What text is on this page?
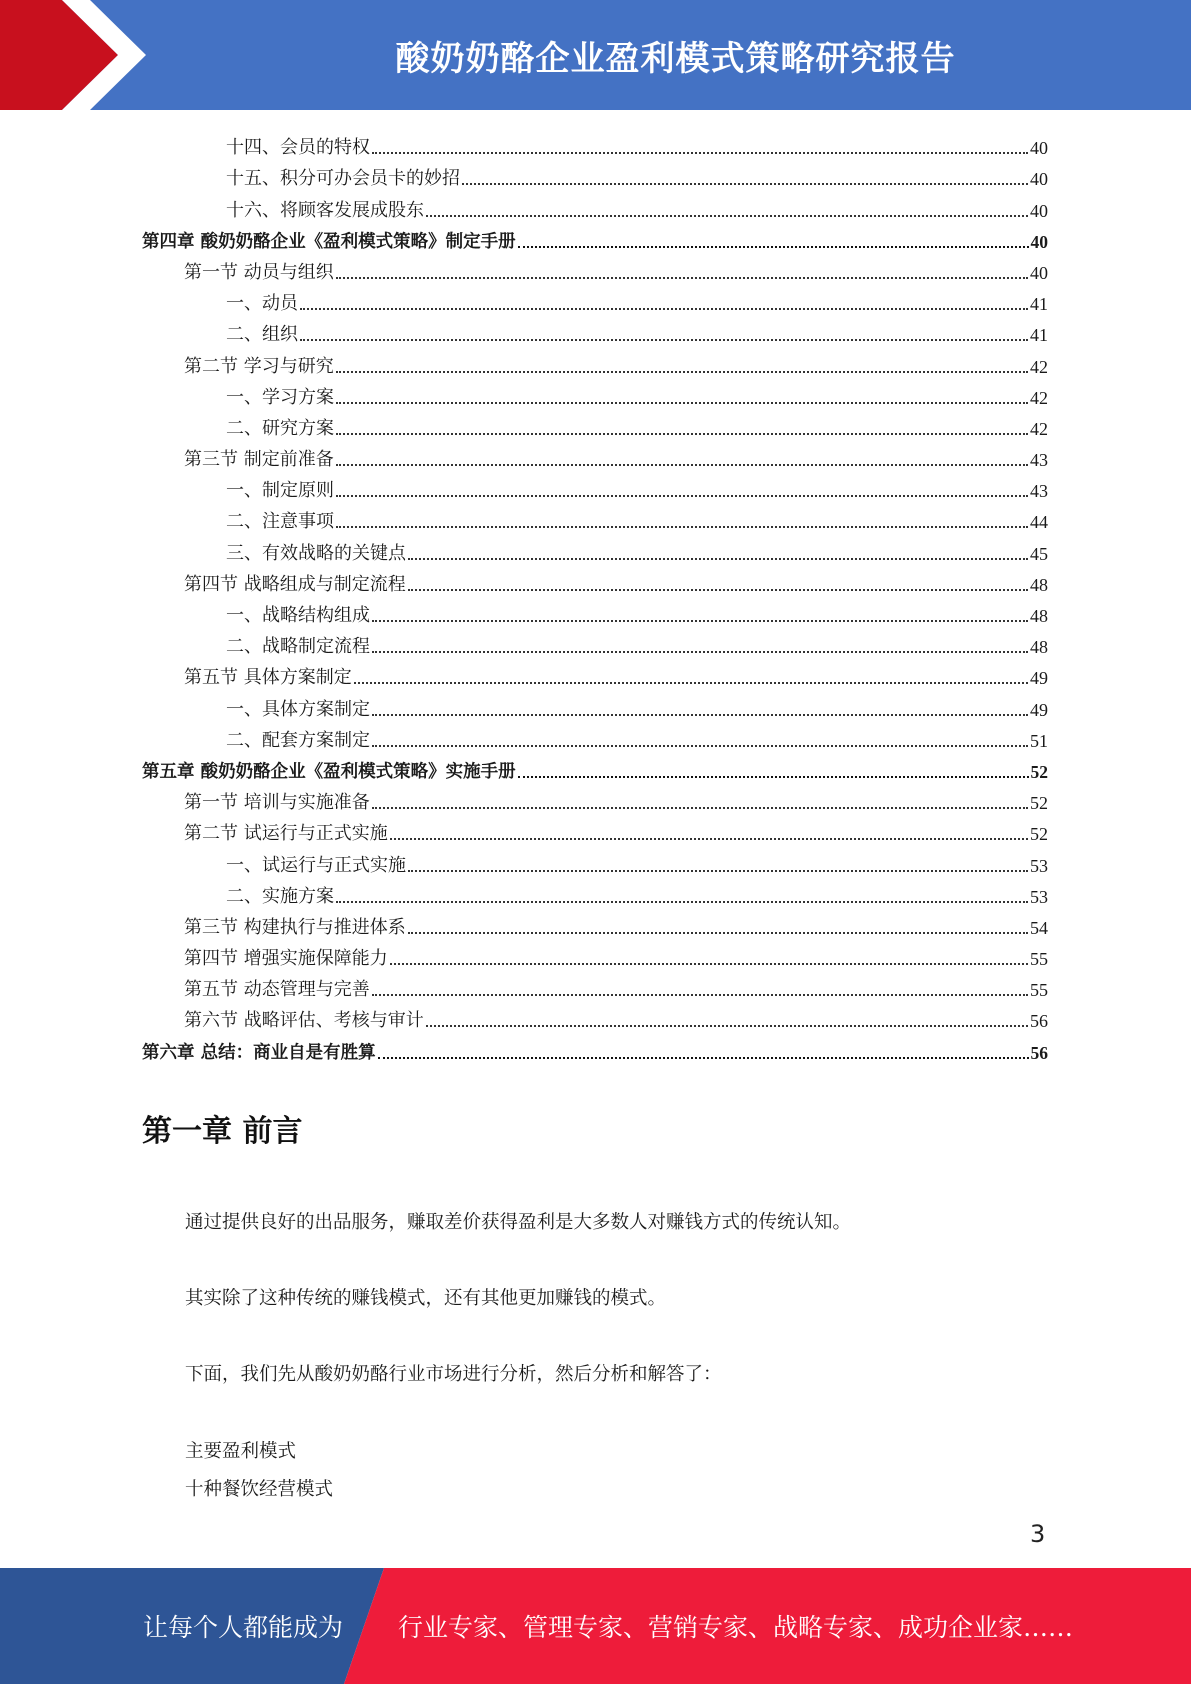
酸奶奶酪企业盈利模式策略研究报告
十四、会员的特权	40
十五、积分可办会员卡的妙招	40
十六、将顾客发展成股东	40
第四章 酸奶奶酪企业《盈利模式策略》制定手册	40
第一节 动员与组织	40
一、动员	41
二、组织	41
第二节 学习与研究	42
一、学习方案	42
二、研究方案	42
第三节 制定前准备	43
一、制定原则	43
二、注意事项	44
三、有效战略的关键点	45
第四节 战略组成与制定流程	48
一、战略结构组成	48
二、战略制定流程	48
第五节 具体方案制定	49
一、具体方案制定	49
二、配套方案制定	51
第五章 酸奶奶酪企业《盈利模式策略》实施手册	52
第一节 培训与实施准备	52
第二节 试运行与正式实施	52
一、试运行与正式实施	53
二、实施方案	53
第三节 构建执行与推进体系	54
第四节 增强实施保障能力	55
第五节 动态管理与完善	55
第六节 战略评估、考核与审计	56
第六章 总结：商业自是有胜算	56
第一章 前言
通过提供良好的出品服务，赚取差价获得盈利是大多数人对赚钱方式的传统认知。
其实除了这种传统的赚钱模式，还有其他更加赚钱的模式。
下面，我们先从酸奶奶酪行业市场进行分析，然后分析和解答了：
主要盈利模式
十种餐饮经营模式
3
让每个人都能成为 行业专家、管理专家、营销专家、战略专家、成功企业家……
